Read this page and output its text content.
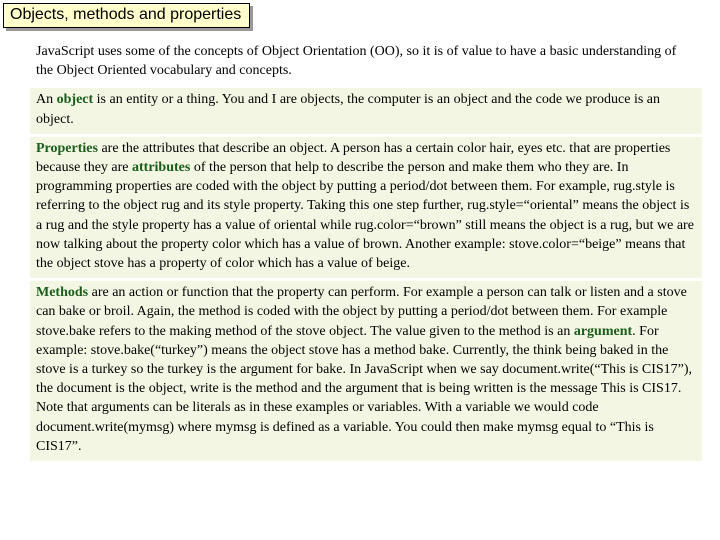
Objects, methods and properties

JavaScript uses some of the concepts of Object Orientation (OO), so it is of value to have a basic understanding of the Object Oriented vocabulary and concepts.

An object is an entity or a thing. You and I are objects, the computer is an object and the code we produce is an object.

Properties are the attributes that describe an object. A person has a certain color hair, eyes etc. that are properties because they are attributes of the person that help to describe the person and make them who they are. In programming properties are coded with the object by putting a period/dot between them. For example, rug.style is referring to the object rug and its style property. Taking this one step further, rug.style=“oriental” means the object is a rug and the style property has a value of oriental while rug.color=“brown” still means the object is a rug, but we are now talking about the property color which has a value of brown. Another example: stove.color=“beige” means that the object stove has a property of color which has a value of beige.

Methods are an action or function that the property can perform. For example a person can talk or listen and a stove can bake or broil. Again, the method is coded with the object by putting a period/dot between them. For example stove.bake refers to the making method of the stove object. The value given to the method is an argument. For example: stove.bake(“turkey”) means the object stove has a method bake. Currently, the think being baked in the stove is a turkey so the turkey is the argument for bake. In JavaScript when we say document.write(“This is CIS17”), the document is the object, write is the method and the argument that is being written is the message This is CIS17. Note that arguments can be literals as in these examples or variables. With a variable we would code document.write(mymsg) where mymsg is defined as a variable. You could then make mymsg equal to “This is CIS17”.
